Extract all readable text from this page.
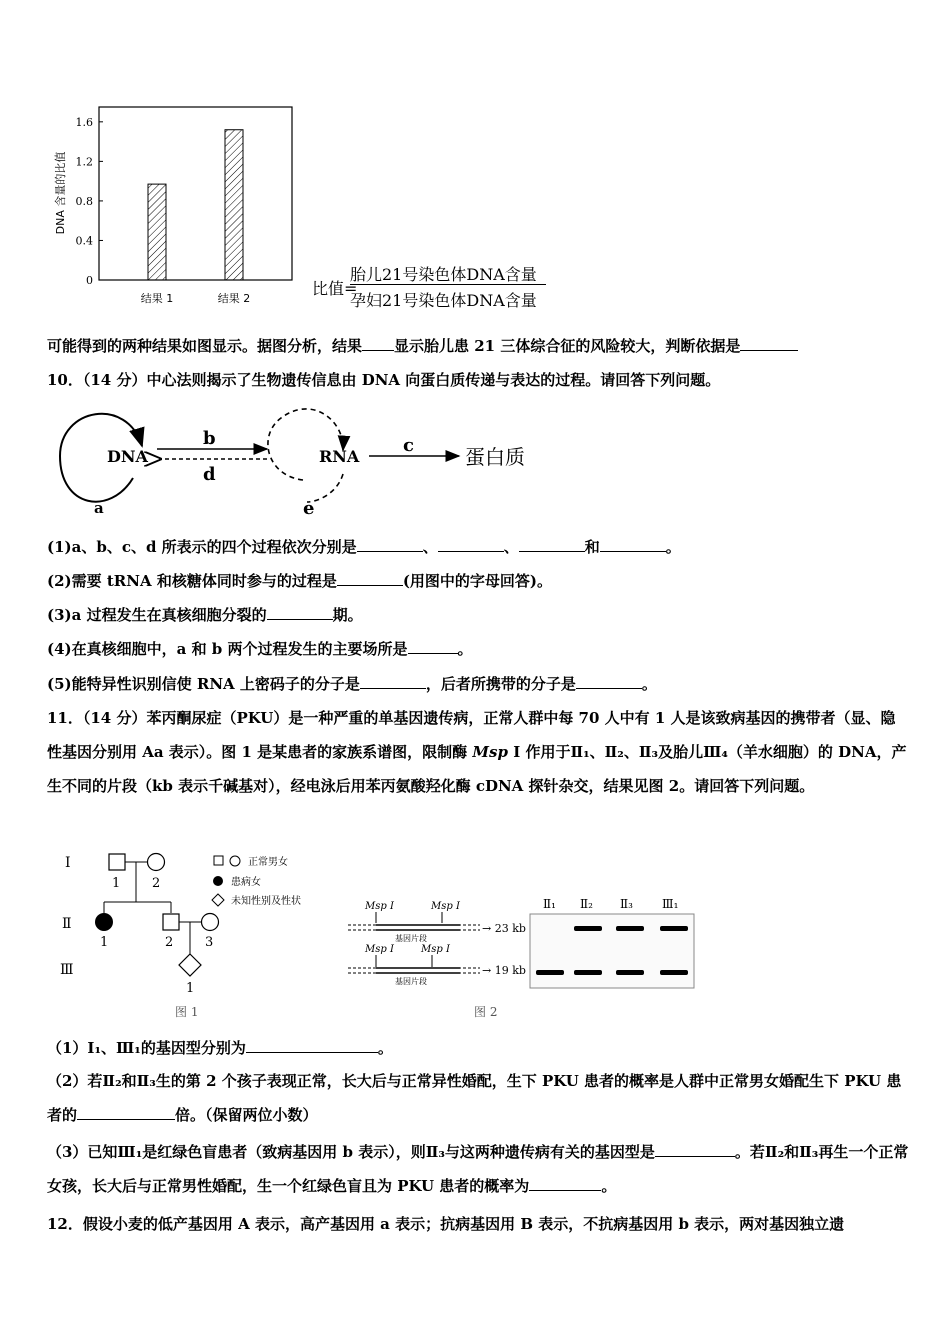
0
0.4
0.8
1.2
1.6
结果 1	结果 2
DNA 含量的比值
比值=
胎儿21号染色体DNA含量
孕妇21号染色体DNA含量
可能得到的两种结果如图显示。据图分析，结果 显示胎儿患 21 三体综合征的风险较大，判断依据是
10．（14 分）中心法则揭示了生物遗传信息由 DNA 向蛋白质传递与表达的过程。请回答下列问题。
a
DNA
b
d
e
RNA
c	蛋白质
(1)a、b、c、d 所表示的四个过程依次分别是	、	、	和	。
(2)需要 tRNA 和核糖体同时参与的过程是	(用图中的字母回答)。
(3)a 过程发生在真核细胞分裂的	期。
(4)在真核细胞中，a 和 b 两个过程发生的主要场所是	。
(5)能特异性识别信使 RNA 上密码子的分子是	，后者所携带的分子是	。
11．（14 分）苯丙酮尿症（PKU）是一种严重的单基因遗传病，正常人群中每 70 人中有 1 人是该致病基因的携带者（显、隐性基因分别用 Aa 表示）。图 1 是某患者的家族系谱图，限制酶 Msp I 作用于Ⅱ₁、Ⅱ₂、Ⅱ₃及胎儿Ⅲ₄（羊水细胞）的 DNA，产生不同的片段（kb 表示千碱基对），经电泳后用苯丙氨酸羟化酶 cDNA 探针杂交，结果见图 2。请回答下列问题。
Ⅰ
Ⅱ
Ⅲ
1 2
1	2 3
1
正常男女
患病女
未知性别及性状
图 1
Msp I	Msp I
基因片段
→ 23 kb
Msp I	Msp I
基因片段
→ 19 kb
Ⅱ₁ Ⅱ₂ Ⅱ₃ Ⅲ₁
图 2
（1）Ⅰ₁、Ⅲ₁的基因型分别为	。
（2）若Ⅱ₂和Ⅱ₃生的第 2 个孩子表现正常，长大后与正常异性婚配，生下 PKU 患者的概率是人群中正常男女婚配生下 PKU 患者的	倍。（保留两位小数）
（3）已知Ⅲ₁是红绿色盲患者（致病基因用 b 表示），则Ⅱ₃与这两种遗传病有关的基因型是	。若Ⅱ₂和Ⅱ₃再生一个正常女孩，长大后与正常男性婚配，生一个红绿色盲且为 PKU 患者的概率为	。
12．假设小麦的低产基因用 A 表示，高产基因用 a 表示；抗病基因用 B 表示，不抗病基因用 b 表示，两对基因独立遗
